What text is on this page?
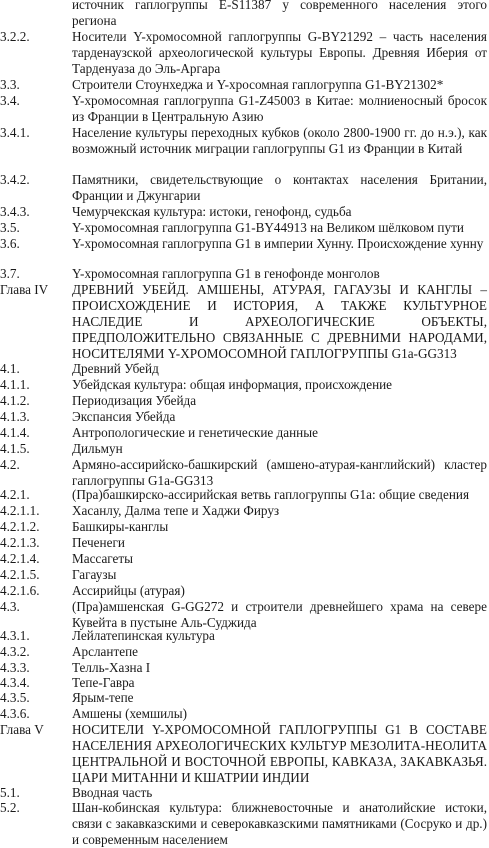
источник гаплогруппы E-S11387 у современного населения этого региона
3.2.2.	Носители Y-хромосомной гаплогруппы G-BY21292 – часть населения тарденаузской археологической культуры Европы. Древняя Иберия от Тарденуаза до Эль-Аргара
3.3.	Строители Стоунхеджа и Y-хросомная гаплогруппа G1-BY21302*
3.4.	Y-хромосомная гаплогруппа G1-Z45003 в Китае: молниеносный бросок из Франции в Центральную Азию
3.4.1.	Население культуры переходных кубков (около 2800-1900 гг. до н.э.), как возможный источник миграции гаплогруппы G1 из Франции в Китай
3.4.2.	Памятники, свидетельствующие о контактах населения Британии, Франции и Джунгарии
3.4.3.	Чемурчекская культура: истоки, генофонд, судьба
3.5.	Y-хромосомная гаплогруппа G1-BY44913 на Великом шёлковом пути
3.6.	Y-хромосомная гаплогруппа G1 в империи Хунну. Происхождение хунну
3.7.	Y-хромосомная гаплогруппа G1 в генофонде монголов
Глава IV ДРЕВНИЙ УБЕЙД. АМШЕНЫ, АТУРАЯ, ГАГАУЗЫ И КАНГЛЫ – ПРОИСХОЖДЕНИЕ И ИСТОРИЯ, А ТАКЖЕ КУЛЬТУРНОЕ НАСЛЕДИЕ И АРХЕОЛОГИЧЕСКИЕ ОБЪЕКТЫ, ПРЕДПОЛОЖИТЕЛЬНО СВЯЗАННЫЕ С ДРЕВНИМИ НАРОДАМИ, НОСИТЕЛЯМИ Y-ХРОМОСОМНОЙ ГАПЛОГРУППЫ G1a-GG313
4.1.	Древний Убейд
4.1.1.	Убейдская культура: общая информация, происхождение
4.1.2.	Периодизация Убейда
4.1.3.	Экспансия Убейда
4.1.4.	Антропологические и генетические данные
4.1.5.	Дильмун
4.2.	Армяно-ассирийско-башкирский (амшено-атурая-канглийский) кластер гаплогруппы G1a-GG313
4.2.1.	(Пра)башкирско-ассирийская ветвь гаплогруппы G1a: общие сведения
4.2.1.1. Хасанлу, Далма тепе и Хаджи Фируз
4.2.1.2. Башкиры-канглы
4.2.1.3. Печенеги
4.2.1.4. Массагеты
4.2.1.5. Гагаузы
4.2.1.6. Ассирийцы (атурая)
4.3.	(Пра)амшенская G-GG272 и строители древнейшего храма на севере Кувейта в пустыне Аль-Суджида
4.3.1.	Лейлатепинская культура
4.3.2.	Арслантепе
4.3.3.	Телль-Хазна I
4.3.4.	Тепе-Гавра
4.3.5.	Ярым-тепе
4.3.6.	Амшены (хемшилы)
Глава V НОСИТЕЛИ Y-ХРОМОСОМНОЙ ГАПЛОГРУППЫ G1 В СОСТАВЕ НАСЕЛЕНИЯ АРХЕОЛОГИЧЕСКИХ КУЛЬТУР МЕЗОЛИТА-НЕОЛИТА ЦЕНТРАЛЬНОЙ И ВОСТОЧНОЙ ЕВРОПЫ, КАВКАЗА, ЗАКАВКАЗЬЯ. ЦАРИ МИТАННИ И КШАТРИИ ИНДИИ
5.1.	Вводная часть
5.2.	Шан-кобинская культура: ближневосточные и анатолийские истоки, связи с закавказскими и северокавказскими памятниками (Сосруко и др.) и современным населением
